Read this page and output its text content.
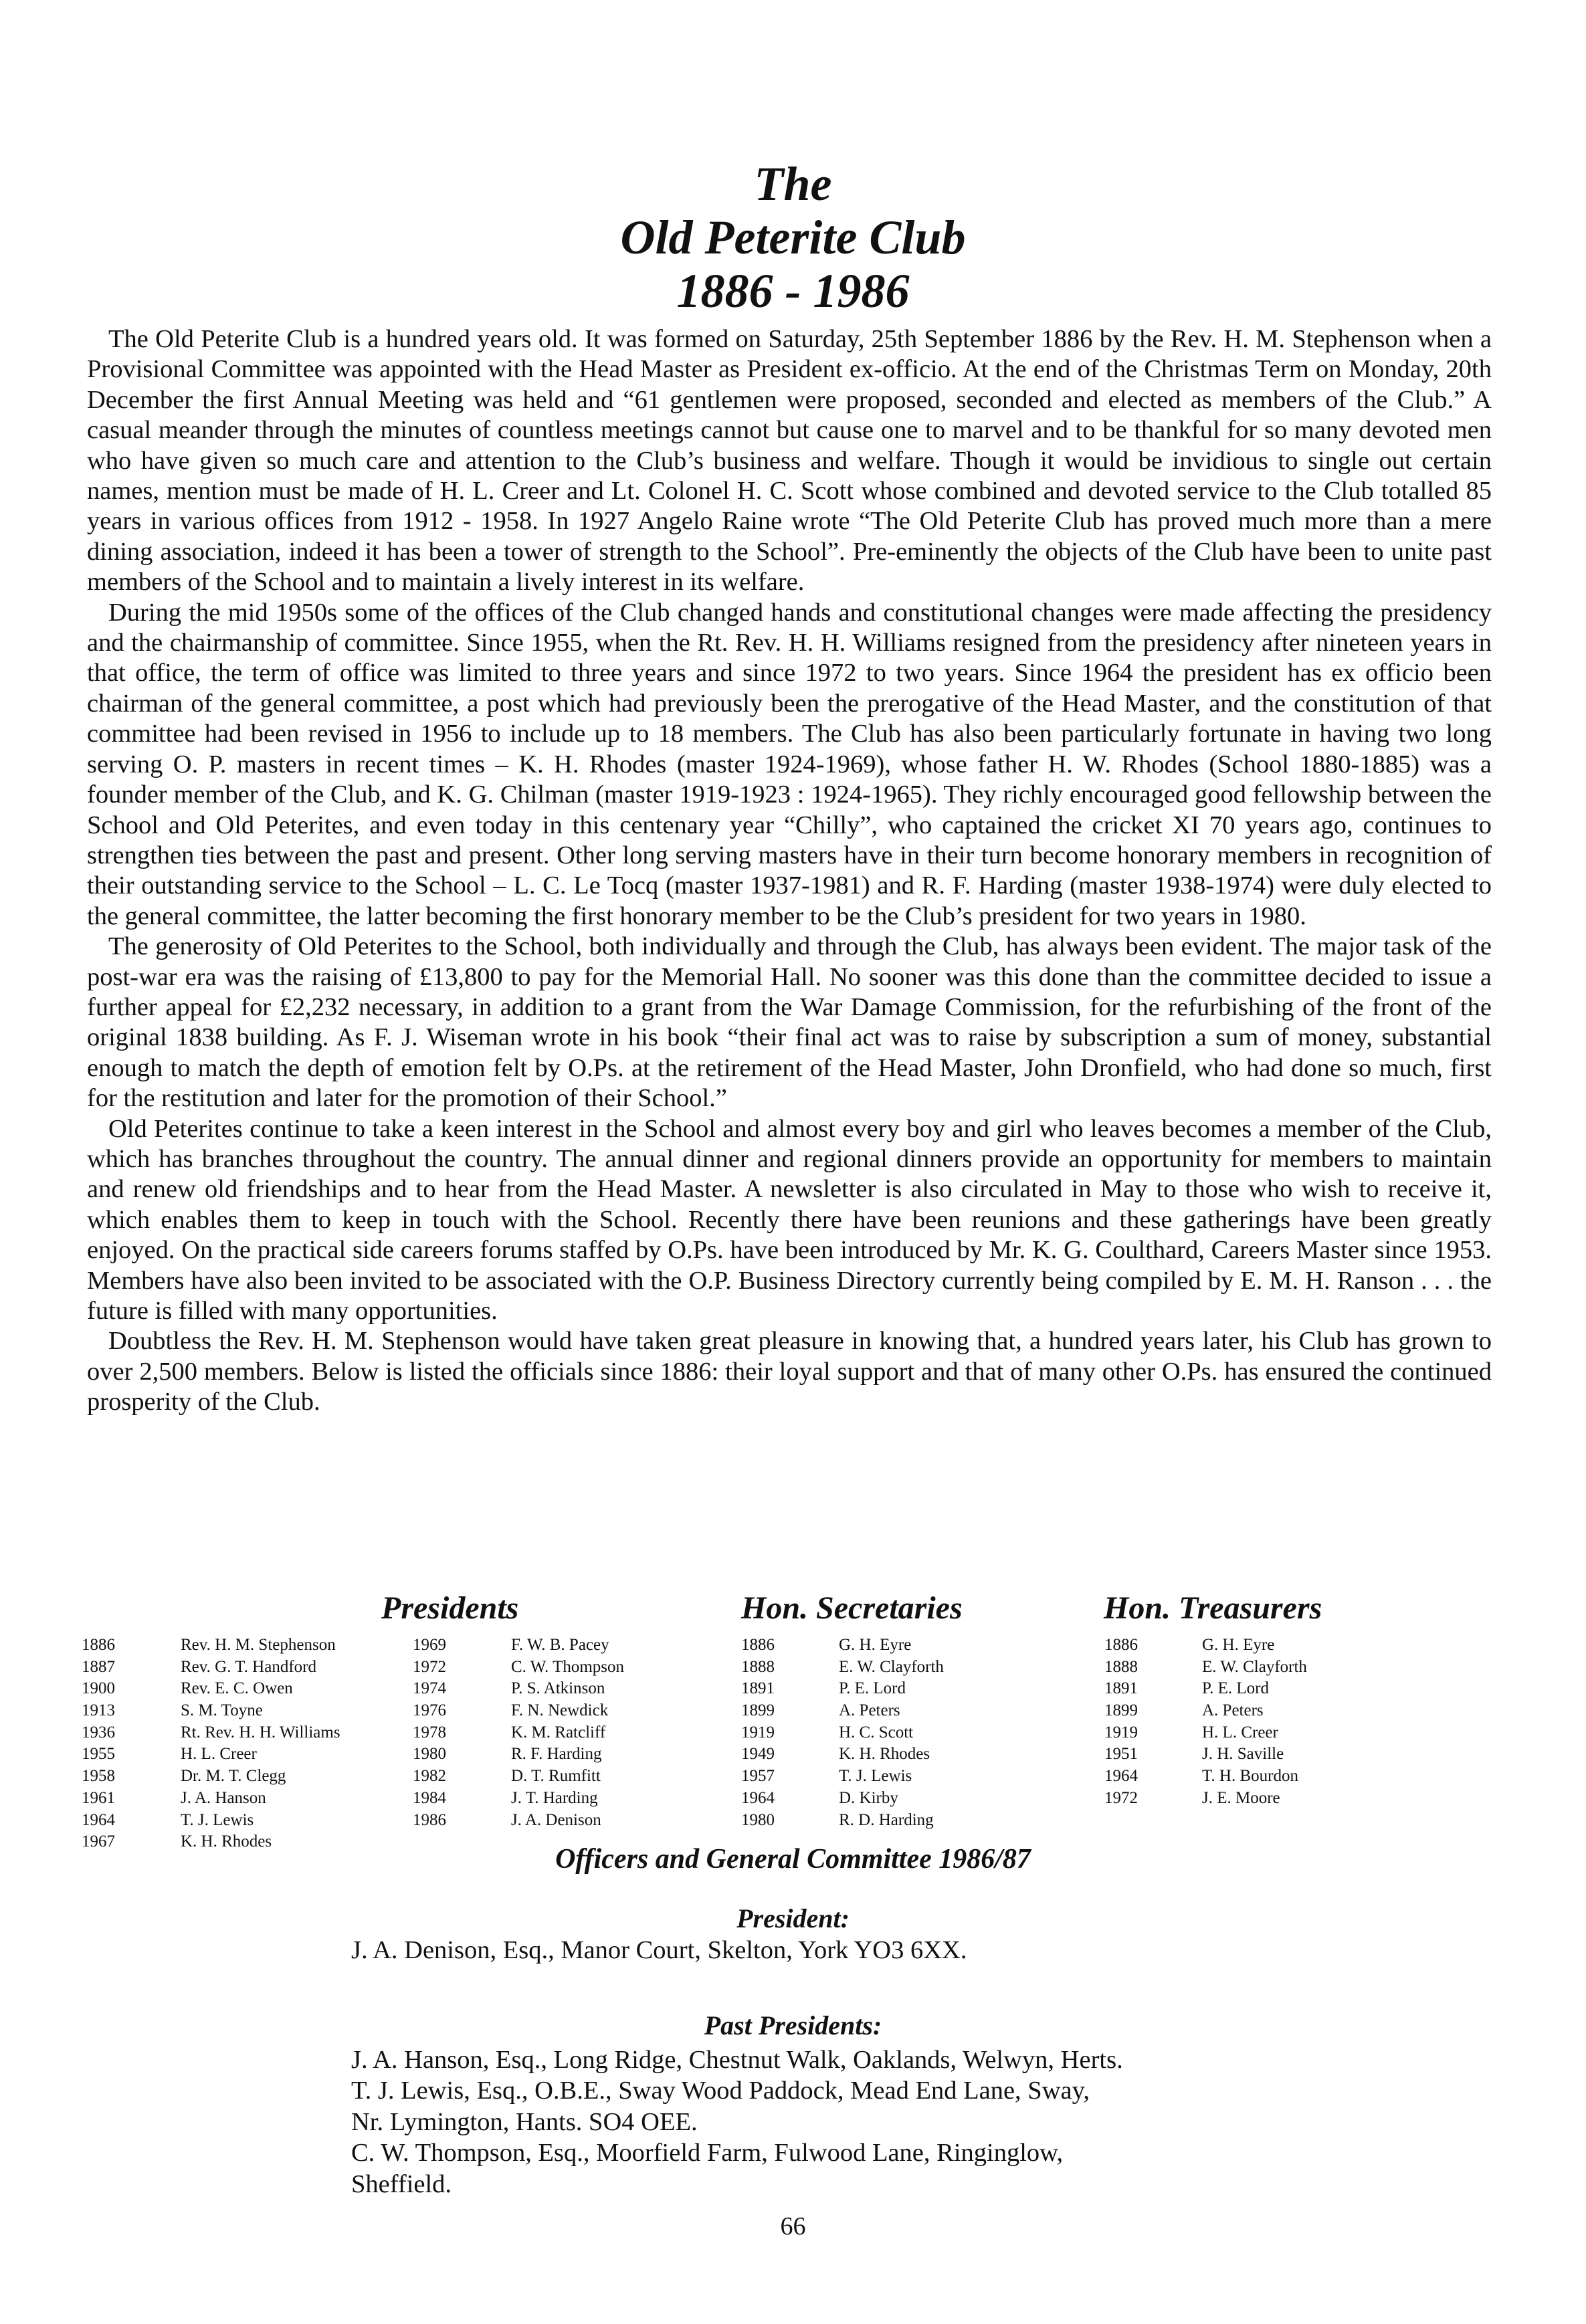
The
Old Peterite Club
1886 - 1986

The Old Peterite Club is a hundred years old. It was formed on Saturday, 25th September 1886 by the Rev. H. M. Stephenson when a Provisional Committee was appointed with the Head Master as President ex-officio. At the end of the Christmas Term on Monday, 20th December the first Annual Meeting was held and “61 gentlemen were proposed, seconded and elected as members of the Club.” A casual meander through the minutes of countless meetings cannot but cause one to marvel and to be thankful for so many devoted men who have given so much care and attention to the Club’s business and welfare. Though it would be invidious to single out certain names, mention must be made of H. L. Creer and Lt. Colonel H. C. Scott whose combined and devoted service to the Club totalled 85 years in various offices from 1912 - 1958. In 1927 Angelo Raine wrote “The Old Peterite Club has proved much more than a mere dining association, indeed it has been a tower of strength to the School”. Pre-eminently the objects of the Club have been to unite past members of the School and to maintain a lively interest in its welfare.

During the mid 1950s some of the offices of the Club changed hands and constitutional changes were made affecting the presidency and the chairmanship of committee. Since 1955, when the Rt. Rev. H. H. Williams resigned from the presidency after nineteen years in that office, the term of office was limited to three years and since 1972 to two years. Since 1964 the president has ex officio been chairman of the general committee, a post which had previously been the prerogative of the Head Master, and the constitution of that committee had been revised in 1956 to include up to 18 members. The Club has also been particularly fortunate in having two long serving O. P. masters in recent times – K. H. Rhodes (master 1924-1969), whose father H. W. Rhodes (School 1880-1885) was a founder member of the Club, and K. G. Chilman (master 1919-1923 : 1924-1965). They richly encouraged good fellowship between the School and Old Peterites, and even today in this centenary year “Chilly”, who captained the cricket XI 70 years ago, continues to strengthen ties between the past and present. Other long serving masters have in their turn become honorary members in recognition of their outstanding service to the School – L. C. Le Tocq (master 1937-1981) and R. F. Harding (master 1938-1974) were duly elected to the general committee, the latter becoming the first honorary member to be the Club’s president for two years in 1980.

The generosity of Old Peterites to the School, both individually and through the Club, has always been evident. The major task of the post-war era was the raising of £13,800 to pay for the Memorial Hall. No sooner was this done than the committee decided to issue a further appeal for £2,232 necessary, in addition to a grant from the War Damage Commission, for the refurbishing of the front of the original 1838 building. As F. J. Wiseman wrote in his book “their final act was to raise by subscription a sum of money, substantial enough to match the depth of emotion felt by O.Ps. at the retirement of the Head Master, John Dronfield, who had done so much, first for the restitution and later for the promotion of their School.”

Old Peterites continue to take a keen interest in the School and almost every boy and girl who leaves becomes a member of the Club, which has branches throughout the country. The annual dinner and regional dinners provide an opportunity for members to maintain and renew old friendships and to hear from the Head Master. A newsletter is also circulated in May to those who wish to receive it, which enables them to keep in touch with the School. Recently there have been reunions and these gatherings have been greatly enjoyed. On the practical side careers forums staffed by O.Ps. have been introduced by Mr. K. G. Coulthard, Careers Master since 1953. Members have also been invited to be associated with the O.P. Business Directory currently being compiled by E. M. H. Ranson . . . the future is filled with many opportunities.

Doubtless the Rev. H. M. Stephenson would have taken great pleasure in knowing that, a hundred years later, his Club has grown to over 2,500 members. Below is listed the officials since 1886: their loyal support and that of many other O.Ps. has ensured the continued prosperity of the Club.

Presidents	Hon. Secretaries	Hon. Treasurers
1886	Rev. H. M. Stephenson
1887	Rev. G. T. Handford
1900	Rev. E. C. Owen
1913	S. M. Toyne
1936	Rt. Rev. H. H. Williams
1955	H. L. Creer
1958	Dr. M. T. Clegg
1961	J. A. Hanson
1964	T. J. Lewis
1967	K. H. Rhodes
1969	F. W. B. Pacey
1972	C. W. Thompson
1974	P. S. Atkinson
1976	F. N. Newdick
1978	K. M. Ratcliff
1980	R. F. Harding
1982	D. T. Rumfitt
1984	J. T. Harding
1986	J. A. Denison
1886	G. H. Eyre
1888	E. W. Clayforth
1891	P. E. Lord
1899	A. Peters
1919	H. C. Scott
1949	K. H. Rhodes
1957	T. J. Lewis
1964	D. Kirby
1980	R. D. Harding
1886	G. H. Eyre
1888	E. W. Clayforth
1891	P. E. Lord
1899	A. Peters
1919	H. L. Creer
1951	J. H. Saville
1964	T. H. Bourdon
1972	J. E. Moore
Officers and General Committee 1986/87
President:
J. A. Denison, Esq., Manor Court, Skelton, York YO3 6XX.
Past Presidents:
J. A. Hanson, Esq., Long Ridge, Chestnut Walk, Oaklands, Welwyn, Herts.
T. J. Lewis, Esq., O.B.E., Sway Wood Paddock, Mead End Lane, Sway,
Nr. Lymington, Hants. SO4 OEE.
C. W. Thompson, Esq., Moorfield Farm, Fulwood Lane, Ringinglow,
Sheffield.
66
